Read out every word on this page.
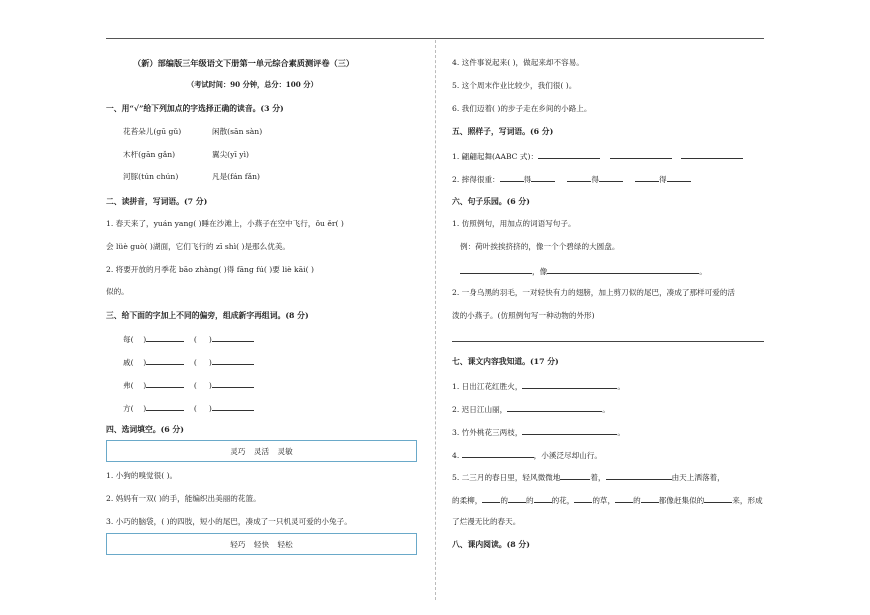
（新）部编版三年级语文下册第一单元综合素质测评卷（三）
（考试时间：90 分钟，总分：100 分）
一、用“√”给下列加点的字选择正确的读音。(3 分)
花苔朵儿(gū gǔ)	闲散(sān sàn)
木杆(gān gǎn)	翼尖(yī yì)
河豚(tún chún)	凡是(fán fǎn)
二、读拼音，写词语。(7 分)
1. 春天来了，yuán yang( )睡在沙滩上，小燕子在空中飞行，ǒu ěr( )
会 lüè guò( )湖面，它们飞行的 zī shì( )是那么优美。
2. 将要开放的月季花 bāo zhàng( )得 fāng fú( )要 liè kāi( )
似的。
三、给下面的字加上不同的偏旁，组成新字再组词。(8 分)
每(    )	(     )
戚(    )	(     )
弗(    )	(     )
方(    )	(     )
四、选词填空。(6 分)
灵巧 灵活 灵敏
1. 小狗的嗅觉很( )。
2. 妈妈有一双( )的手，能编织出美丽的花篮。
3. 小巧的脑袋，( )的四肢，短小的尾巴，凑成了一只机灵可爱的小兔子。
轻巧 轻快 轻松
4. 这件事说起来( )，做起来却不容易。
5. 这个周末作业比较少，我们很( )。
6. 我们迈着( )的步子走在乡间的小路上。
五、照样子，写词语。(6 分)
1. 翩翩起舞(AABC 式)：
2. 摔得很重：	得	得	得
六、句子乐园。(6 分)
1. 仿照例句，用加点的词语写句子。
例：荷叶挨挨挤挤的，像一个个碧绿的大圆盘。
，像	。
2. 一身乌黑的羽毛，一对轻快有力的翅膀，加上剪刀似的尾巴，凑成了那样可爱的活
泼的小燕子。(仿照例句写一种动物的外形)
七、课文内容我知道。(17 分)
1. 日出江花红胜火，	。
2. 迟日江山丽，	。
3. 竹外桃花三两枝，	。
4.	，小溪泛尽却山行。
5. 二三月的春日里，轻风微微地	着，	由天上洒落着，
的柔柳， 的 的 的花， 的草， 的 都像赶集似的	来，形成
了烂漫无比的春天。
八、课内阅读。(8 分)
